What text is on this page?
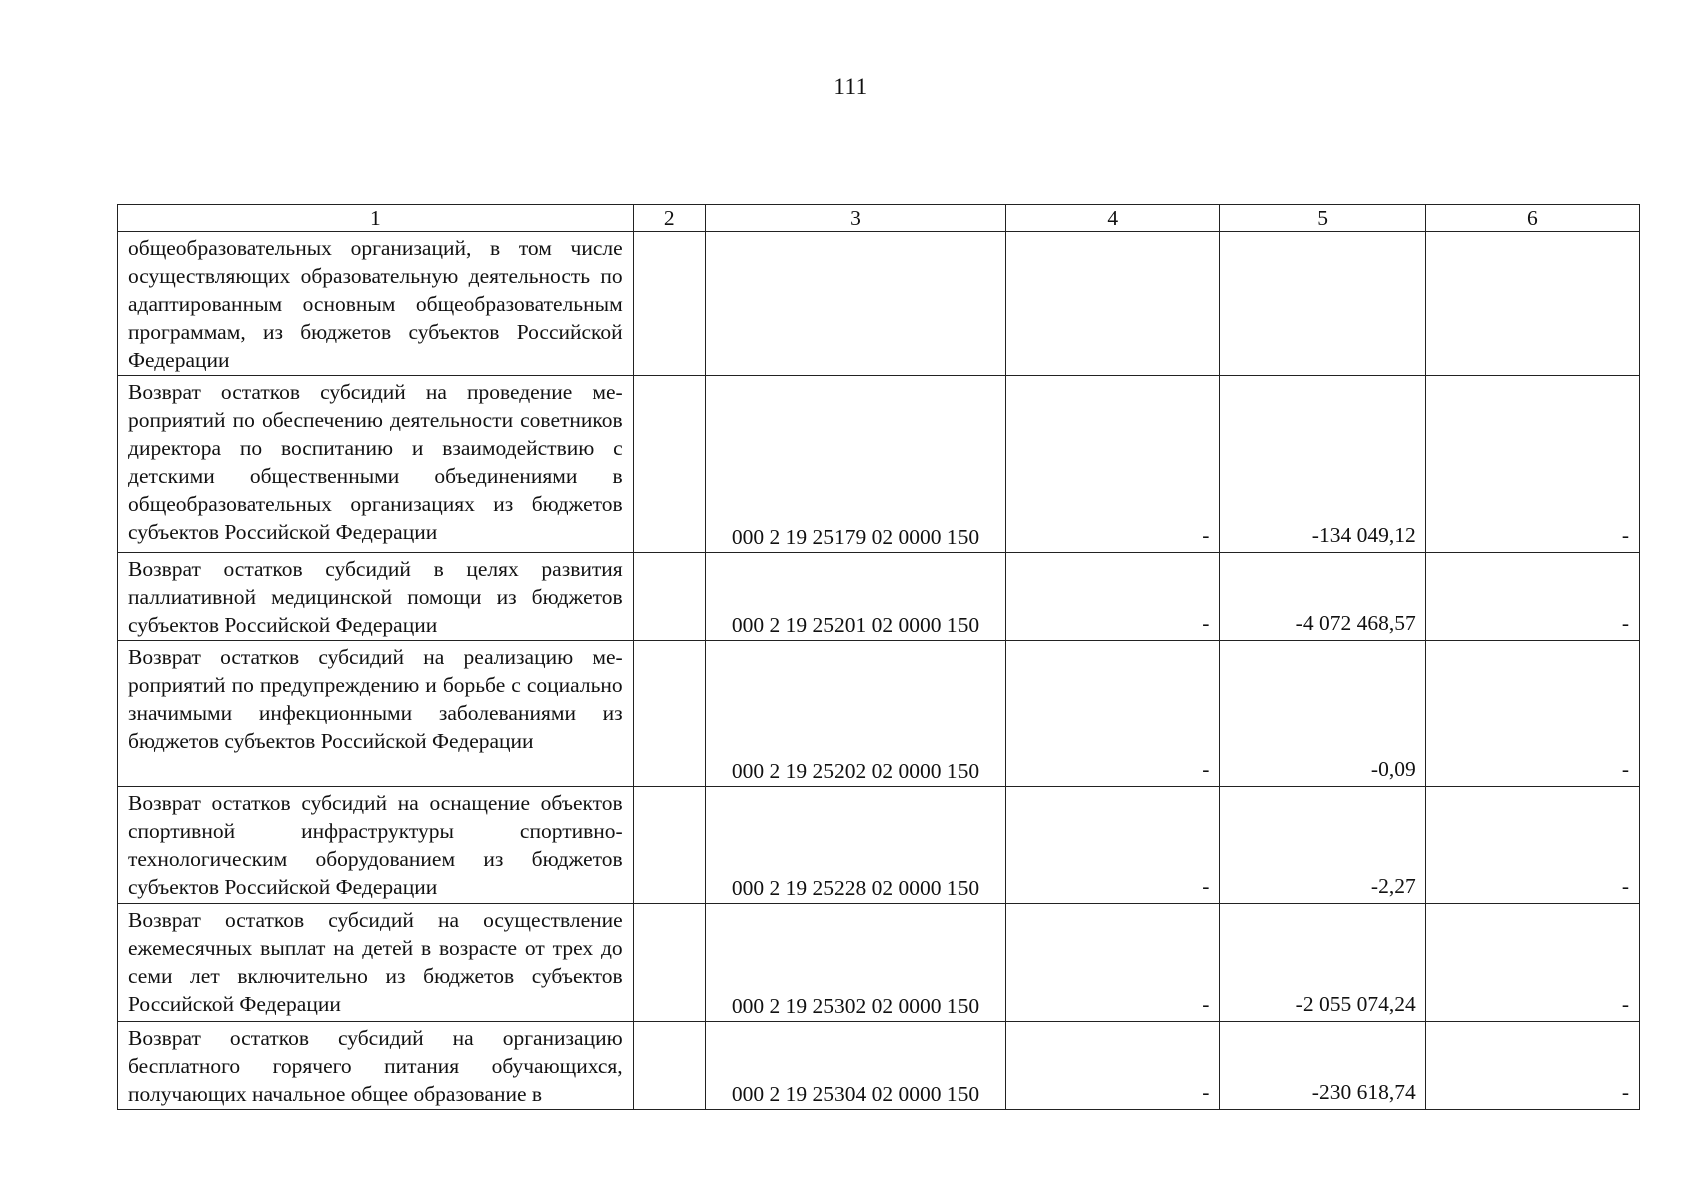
111
1	2	3	4	5	6
общеобразовательных организаций, в том числе осуществляющих образовательную деятельность по адаптированным основным общеобразовательным программам, из бюджетов субъектов Российской Федерации					
Возврат остатков субсидий на проведение мероприятий по обеспечению деятельности советников директора по воспитанию и взаимодействию с детскими общественными объединениями в общеобразовательных организациях из бюджетов субъектов Российской Федерации		000 2 19 25179 02 0000 150	-	-134 049,12	-
Возврат остатков субсидий в целях развития паллиативной медицинской помощи из бюджетов субъектов Российской Федерации		000 2 19 25201 02 0000 150	-	-4 072 468,57	-
Возврат остатков субсидий на реализацию мероприятий по предупреждению и борьбе с социально значимыми инфекционными заболеваниями из бюджетов субъектов Российской Федерации		000 2 19 25202 02 0000 150	-	-0,09	-
Возврат остатков субсидий на оснащение объектов спортивной инфраструктуры спортивно-технологическим оборудованием из бюджетов субъектов Российской Федерации		000 2 19 25228 02 0000 150	-	-2,27	-
Возврат остатков субсидий на осуществление ежемесячных выплат на детей в возрасте от трех до семи лет включительно из бюджетов субъектов Российской Федерации		000 2 19 25302 02 0000 150	-	-2 055 074,24	-

Возврат остатков субсидий на организацию бесплатного горячего питания обучающихся, получающих начальное общее образование в		000 2 19 25304 02 0000 150	-	-230 618,74	-
